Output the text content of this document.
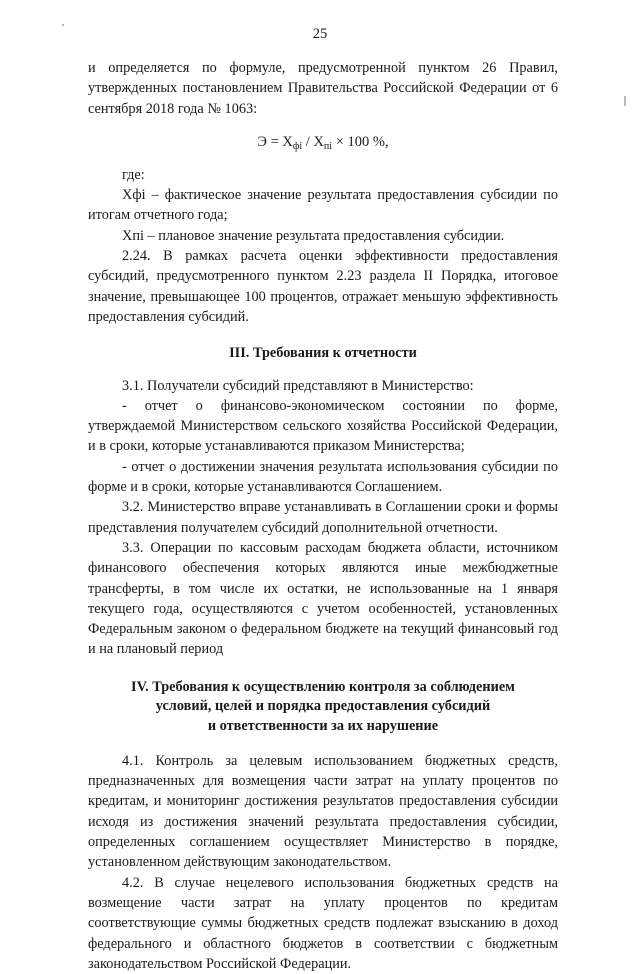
'	25

и определяется по формуле, предусмотренной пунктом 26 Правил, утвержденных постановлением Правительства Российской Федерации от 6 сентября 2018 года № 1063:

$Э = Х_{фi} / Х_{пi} \times 100$ %,

где:

Хфi – фактическое значение результата предоставления субсидии по итогам отчетного года;

Хпi – плановое значение результата предоставления субсидии.

2.24. В рамках расчета оценки эффективности предоставления субсидий, предусмотренного пунктом 2.23 раздела II Порядка, итоговое значение, превышающее 100 процентов, отражает меньшую эффективность предоставления субсидий.

III. Требования к отчетности

3.1. Получатели субсидий представляют в Министерство:

- отчет о финансово-экономическом состоянии по форме, утверждаемой Министерством сельского хозяйства Российской Федерации, и в сроки, которые устанавливаются приказом Министерства;

- отчет о достижении значения результата использования субсидии по форме и в сроки, которые устанавливаются Соглашением.

3.2. Министерство вправе устанавливать в Соглашении сроки и формы представления получателем субсидий дополнительной отчетности.

3.3. Операции по кассовым расходам бюджета области, источником финансового обеспечения которых являются иные межбюджетные трансферты, в том числе их остатки, не использованные на 1 января текущего года, осуществляются с учетом особенностей, установленных Федеральным законом о федеральном бюджете на текущий финансовый год и на плановый период

IV. Требования к осуществлению контроля за соблюдением
условий, целей и порядка предоставления субсидий
и ответственности за их нарушение

4.1. Контроль за целевым использованием бюджетных средств, предназначенных для возмещения части затрат на уплату процентов по кредитам, и мониторинг достижения результатов предоставления субсидии исходя из достижения значений результата предоставления субсидии, определенных соглашением осуществляет Министерство в порядке, установленном действующим законодательством.

4.2. В случае нецелевого использования бюджетных средств на возмещение части затрат на уплату процентов по кредитам соответствующие суммы бюджетных средств подлежат взысканию в доход федерального и областного бюджетов в соответствии с бюджетным законодательством Российской Федерации.
